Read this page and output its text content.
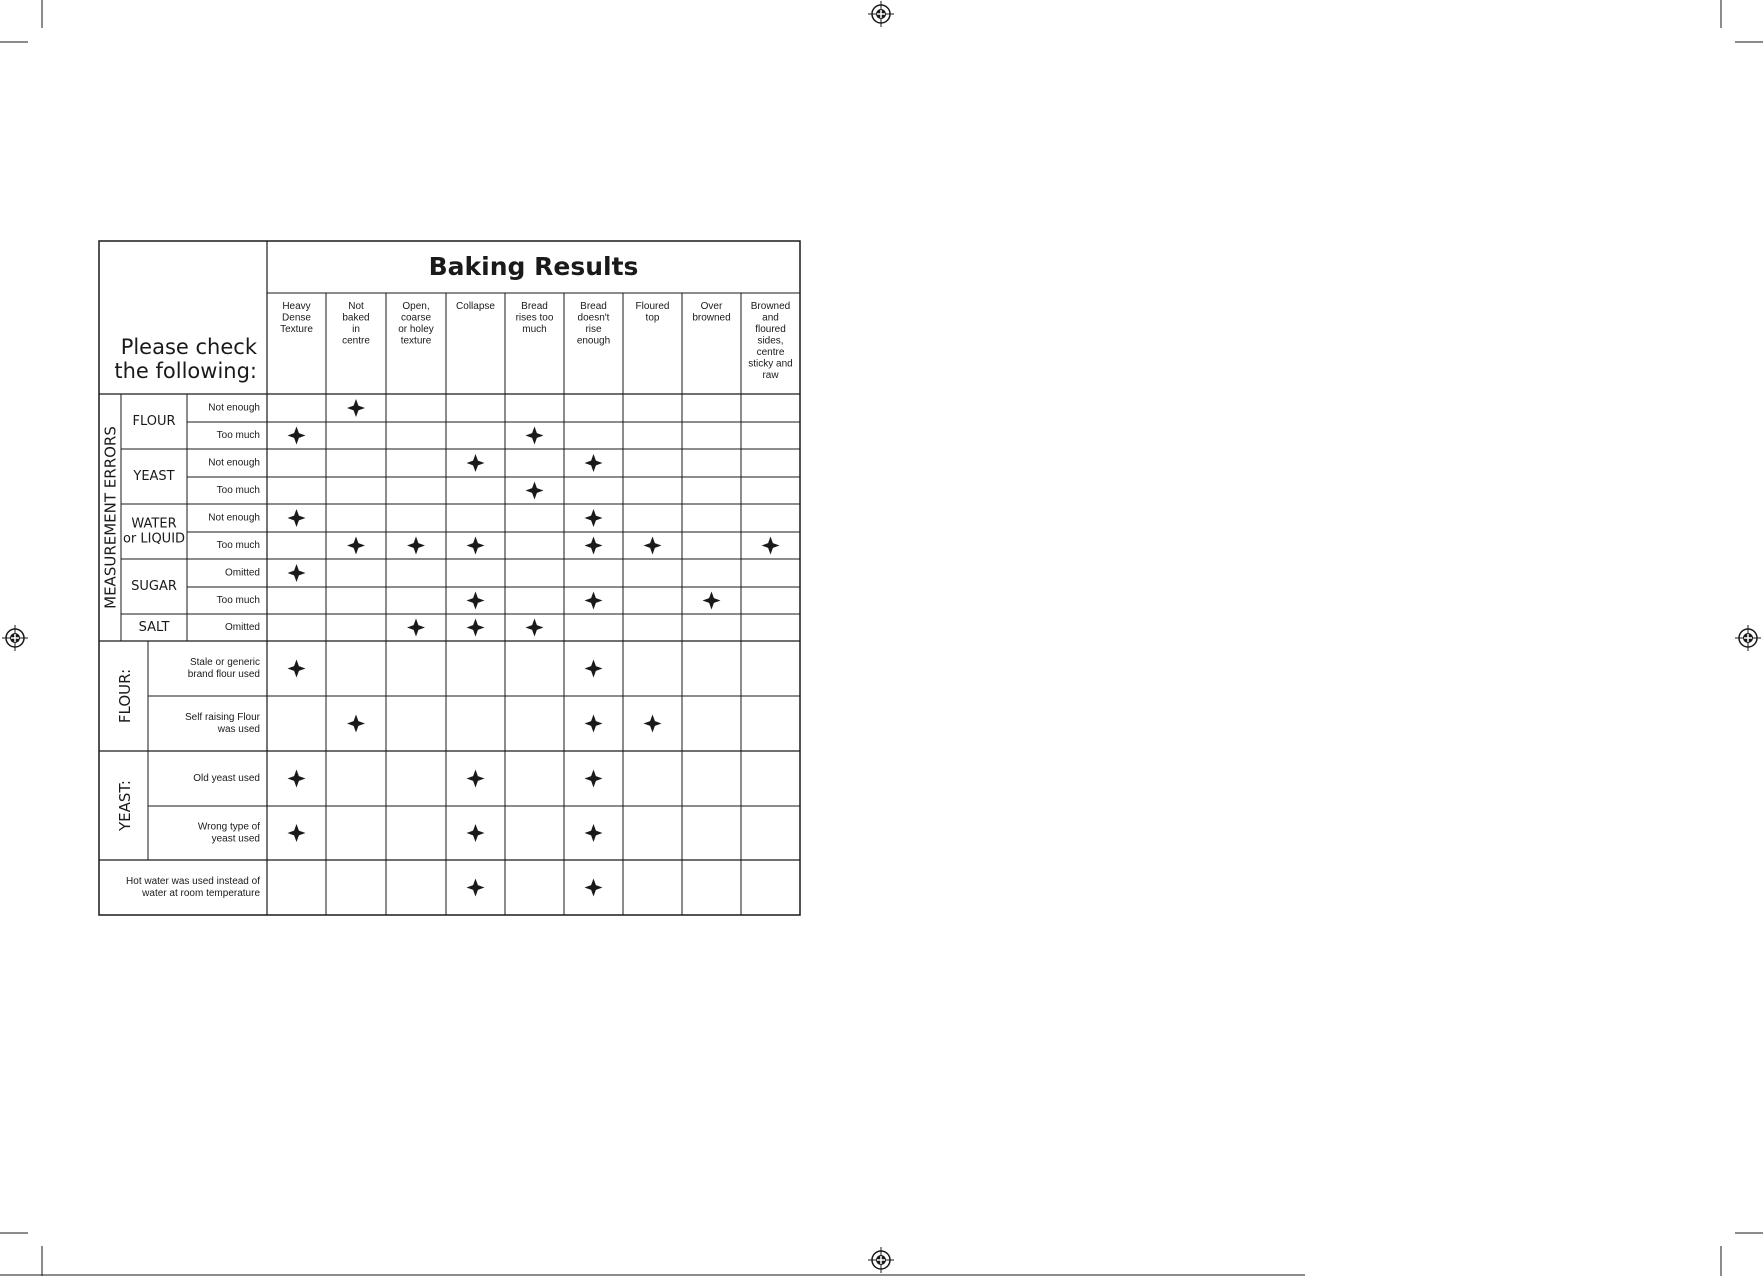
Baking Results
Please check the following:
Heavy Dense Texture
Not baked in centre
Open, coarse or holey texture
Collapse	Bread rises too much
Bread doesn't rise enough
Floured top
Over browned
Browned and floured sides, centre sticky and raw
MEASUREMENT ERRORS
FLOUR:
YEAST:
FLOUR
YEAST
WATER or LIQUID
SUGAR
SALT
Not enough
Too much
Not enough
Too much
Not enough
Too much
Omitted
Too much
Omitted
Stale or generic brand flour used
Self raising Flour was used
Old yeast used
Wrong type of yeast used
Hot water was used instead of water at room temperature
